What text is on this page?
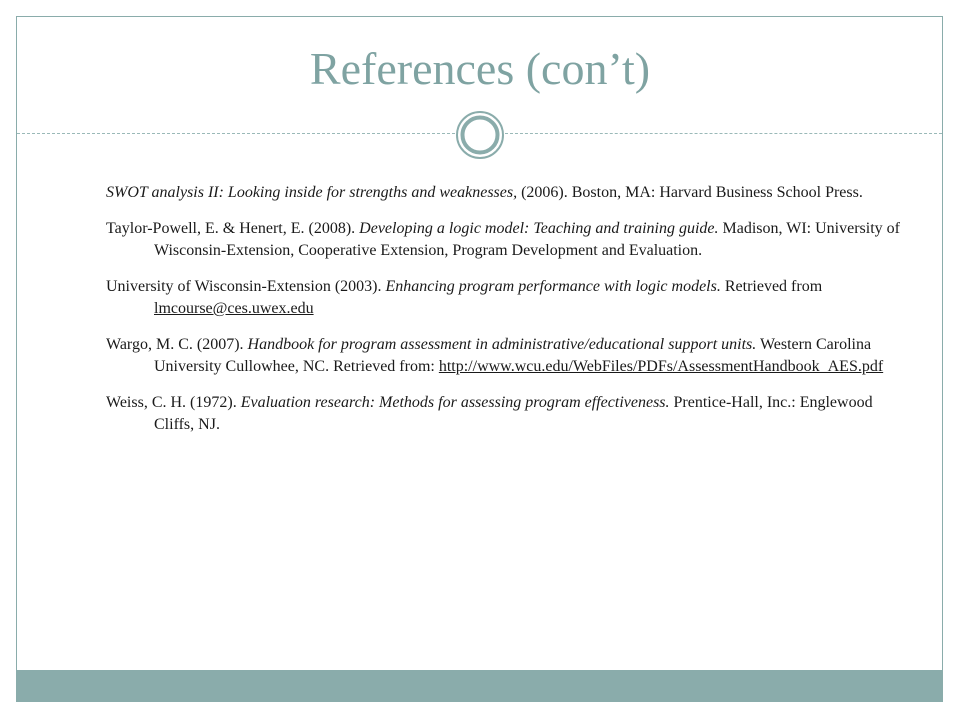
References (con’t)

SWOT analysis II: Looking inside for strengths and weaknesses, (2006). Boston, MA: Harvard Business School Press.

Taylor-Powell, E. & Henert, E. (2008). Developing a logic model: Teaching and training guide. Madison, WI: University of Wisconsin-Extension, Cooperative Extension, Program Development and Evaluation.

University of Wisconsin-Extension (2003). Enhancing program performance with logic models. Retrieved from lmcourse@ces.uwex.edu

Wargo, M. C. (2007). Handbook for program assessment in administrative/educational support units. Western Carolina University Cullowhee, NC. Retrieved from: http://www.wcu.edu/WebFiles/PDFs/AssessmentHandbook_AES.pdf

Weiss, C. H. (1972). Evaluation research: Methods for assessing program effectiveness. Prentice-Hall, Inc.: Englewood Cliffs, NJ.
